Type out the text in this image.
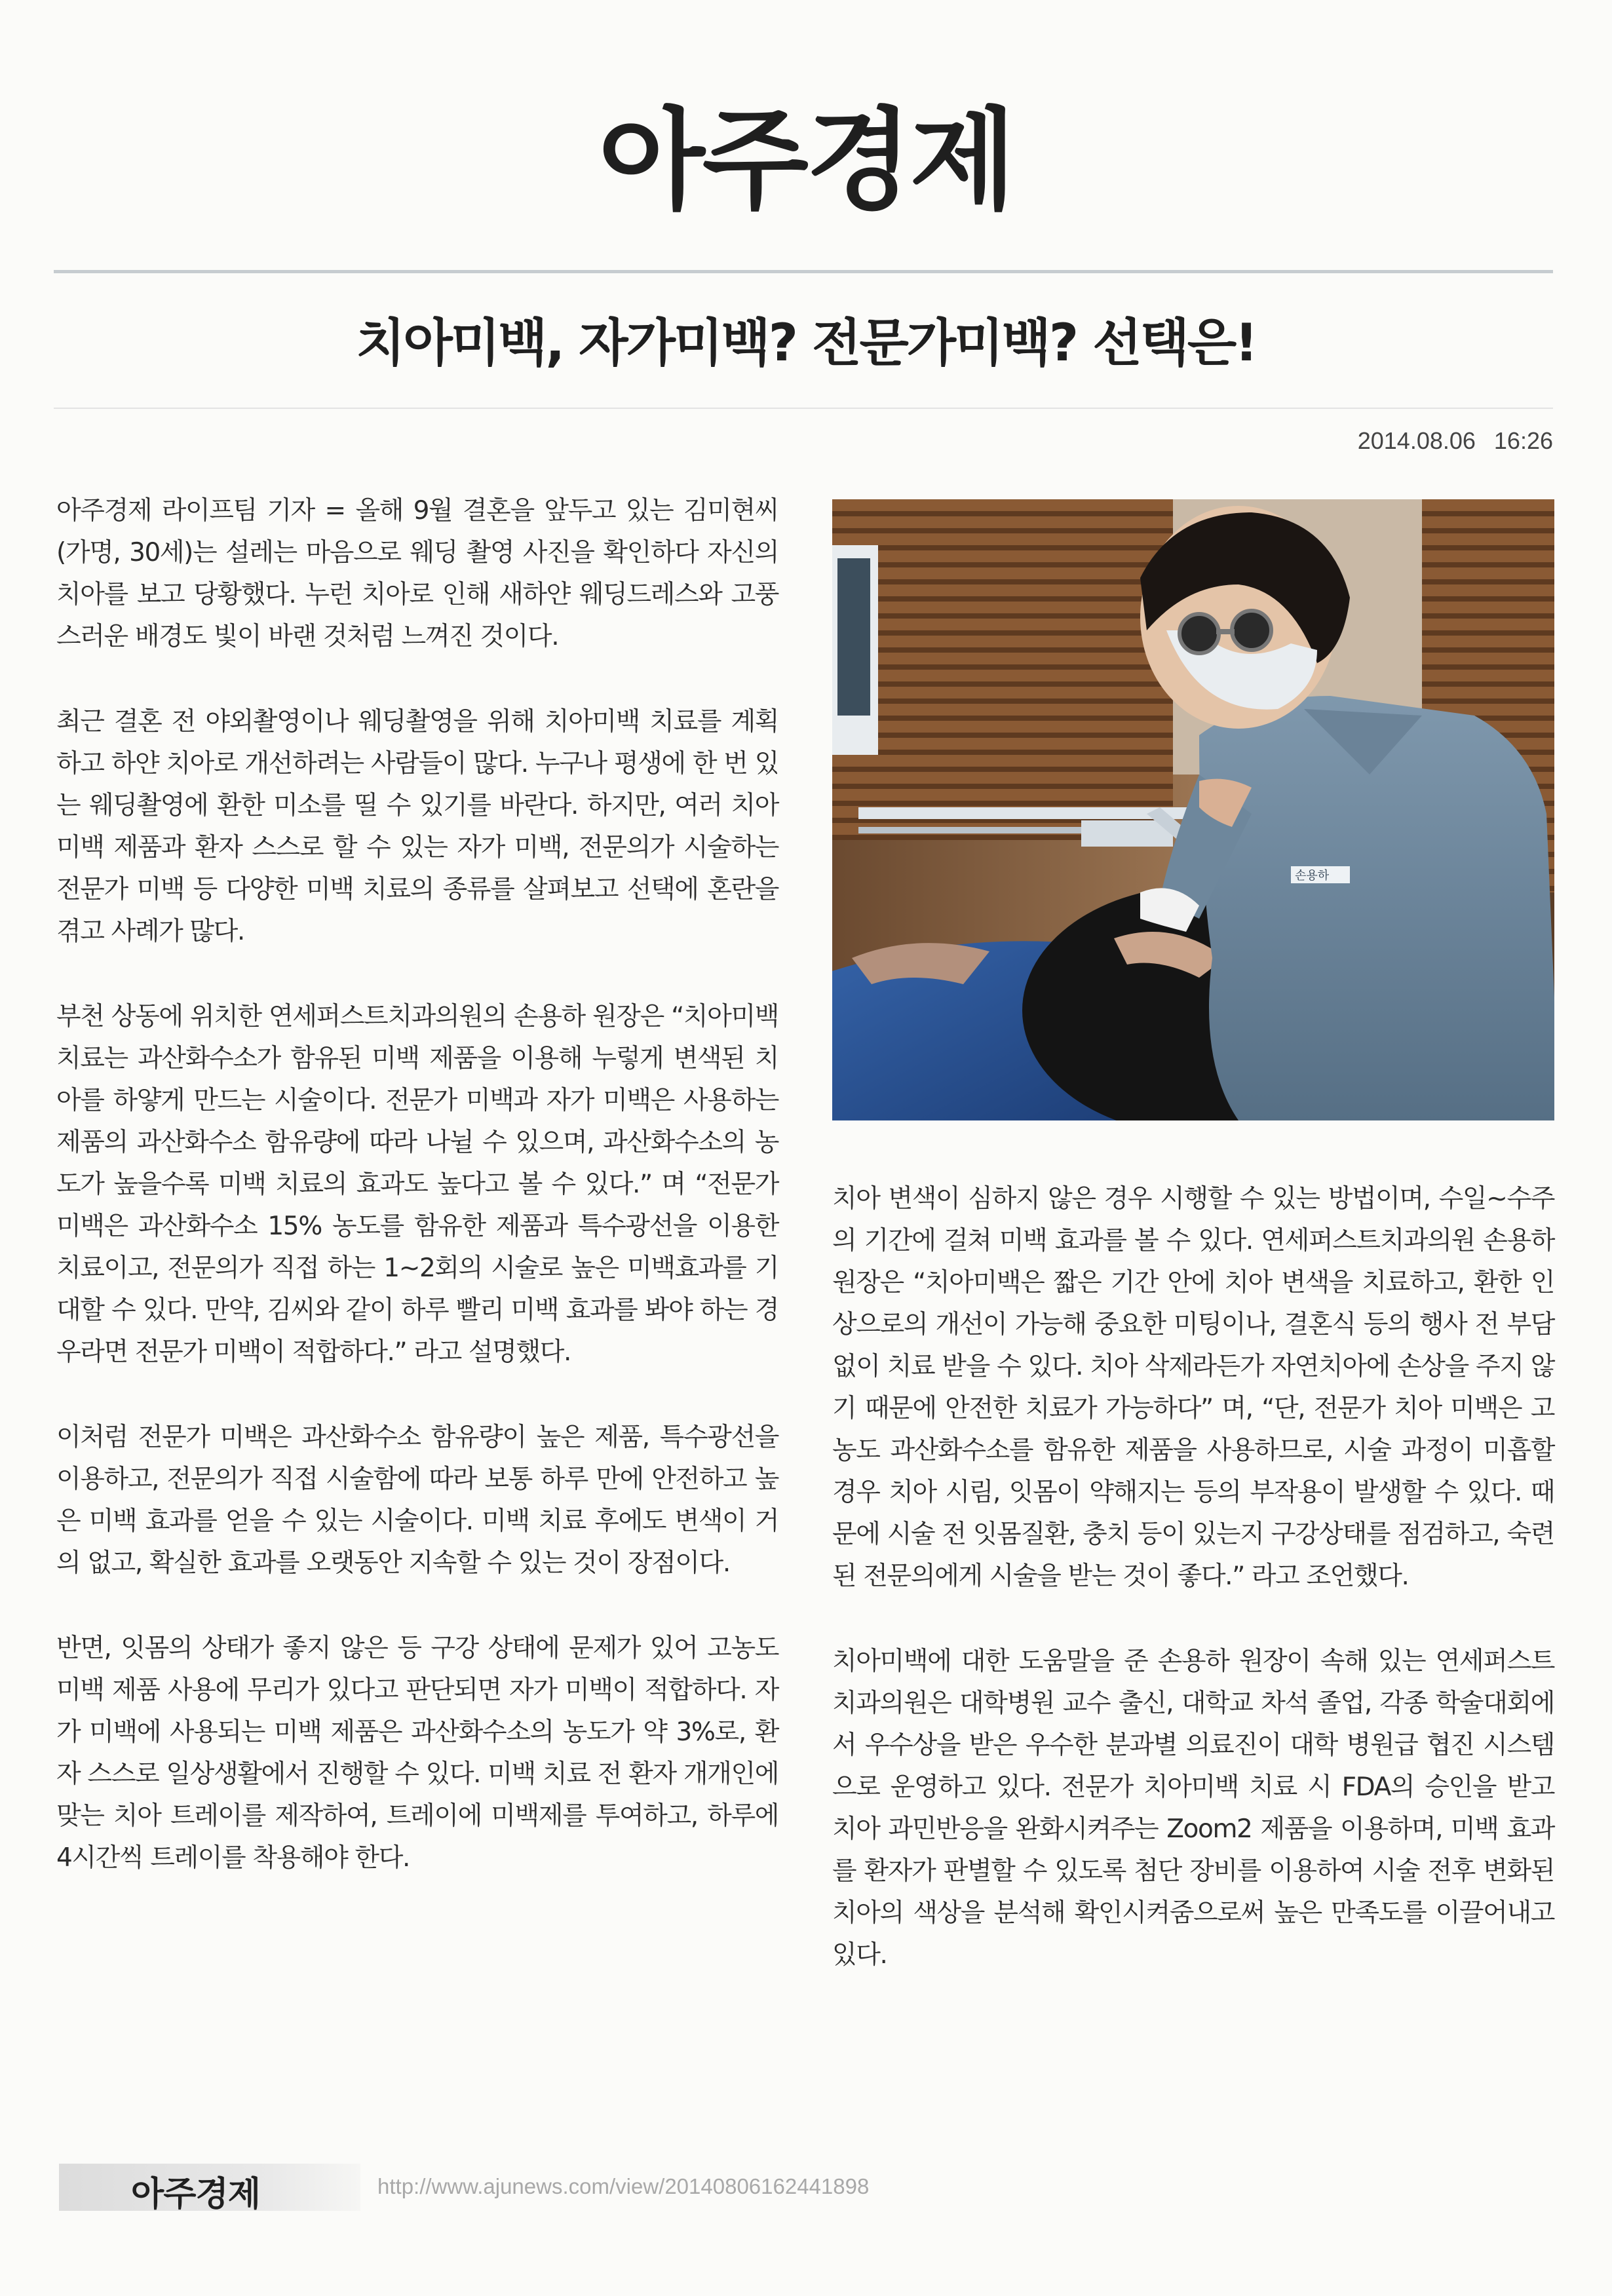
아주경제
치아미백, 자가미백? 전문가미백? 선택은!
2014.08.06 16:26

아주경제 라이프팀 기자 = 올해 9월 결혼을 앞두고 있는 김미현씨(가명, 30세)는 설레는 마음으로 웨딩 촬영 사진을 확인하다 자신의 치아를 보고 당황했다. 누런 치아로 인해 새하얀 웨딩드레스와 고풍스러운 배경도 빛이 바랜 것처럼 느껴진 것이다.

최근 결혼 전 야외촬영이나 웨딩촬영을 위해 치아미백 치료를 계획하고 하얀 치아로 개선하려는 사람들이 많다. 누구나 평생에 한 번 있는 웨딩촬영에 환한 미소를 띨 수 있기를 바란다. 하지만, 여러 치아미백 제품과 환자 스스로 할 수 있는 자가 미백, 전문의가 시술하는 전문가 미백 등 다양한 미백 치료의 종류를 살펴보고 선택에 혼란을 겪고 사례가 많다.

부천 상동에 위치한 연세퍼스트치과의원의 손용하 원장은 “치아미백 치료는 과산화수소가 함유된 미백 제품을 이용해 누렇게 변색된 치아를 하얗게 만드는 시술이다. 전문가 미백과 자가 미백은 사용하는 제품의 과산화수소 함유량에 따라 나뉠 수 있으며, 과산화수소의 농도가 높을수록 미백 치료의 효과도 높다고 볼 수 있다.” 며 “전문가 미백은 과산화수소 15% 농도를 함유한 제품과 특수광선을 이용한 치료이고, 전문의가 직접 하는 1~2회의 시술로 높은 미백효과를 기대할 수 있다. 만약, 김씨와 같이 하루 빨리 미백 효과를 봐야 하는 경우라면 전문가 미백이 적합하다.” 라고 설명했다.

이처럼 전문가 미백은 과산화수소 함유량이 높은 제품, 특수광선을 이용하고, 전문의가 직접 시술함에 따라 보통 하루 만에 안전하고 높은 미백 효과를 얻을 수 있는 시술이다. 미백 치료 후에도 변색이 거의 없고, 확실한 효과를 오랫동안 지속할 수 있는 것이 장점이다.

반면, 잇몸의 상태가 좋지 않은 등 구강 상태에 문제가 있어 고농도 미백 제품 사용에 무리가 있다고 판단되면 자가 미백이 적합하다. 자가 미백에 사용되는 미백 제품은 과산화수소의 농도가 약 3%로, 환자 스스로 일상생활에서 진행할 수 있다. 미백 치료 전 환자 개개인에 맞는 치아 트레이를 제작하여, 트레이에 미백제를 투여하고, 하루에 4시간씩 트레이를 착용해야 한다.

손용하

치아 변색이 심하지 않은 경우 시행할 수 있는 방법이며, 수일~수주의 기간에 걸쳐 미백 효과를 볼 수 있다. 연세퍼스트치과의원 손용하 원장은 “치아미백은 짧은 기간 안에 치아 변색을 치료하고, 환한 인상으로의 개선이 가능해 중요한 미팅이나, 결혼식 등의 행사 전 부담 없이 치료 받을 수 있다. 치아 삭제라든가 자연치아에 손상을 주지 않기 때문에 안전한 치료가 가능하다” 며, “단, 전문가 치아 미백은 고농도 과산화수소를 함유한 제품을 사용하므로, 시술 과정이 미흡할 경우 치아 시림, 잇몸이 약해지는 등의 부작용이 발생할 수 있다. 때문에 시술 전 잇몸질환, 충치 등이 있는지 구강상태를 점검하고, 숙련된 전문의에게 시술을 받는 것이 좋다.” 라고 조언했다.

치아미백에 대한 도움말을 준 손용하 원장이 속해 있는 연세퍼스트치과의원은 대학병원 교수 출신, 대학교 차석 졸업, 각종 학술대회에서 우수상을 받은 우수한 분과별 의료진이 대학 병원급 협진 시스템으로 운영하고 있다. 전문가 치아미백 치료 시 FDA의 승인을 받고 치아 과민반응을 완화시켜주는 Zoom2 제품을 이용하며, 미백 효과를 환자가 판별할 수 있도록 첨단 장비를 이용하여 시술 전후 변화된 치아의 색상을 분석해 확인시켜줌으로써 높은 만족도를 이끌어내고 있다.

아주경제	http://www.ajunews.com/view/20140806162441898
